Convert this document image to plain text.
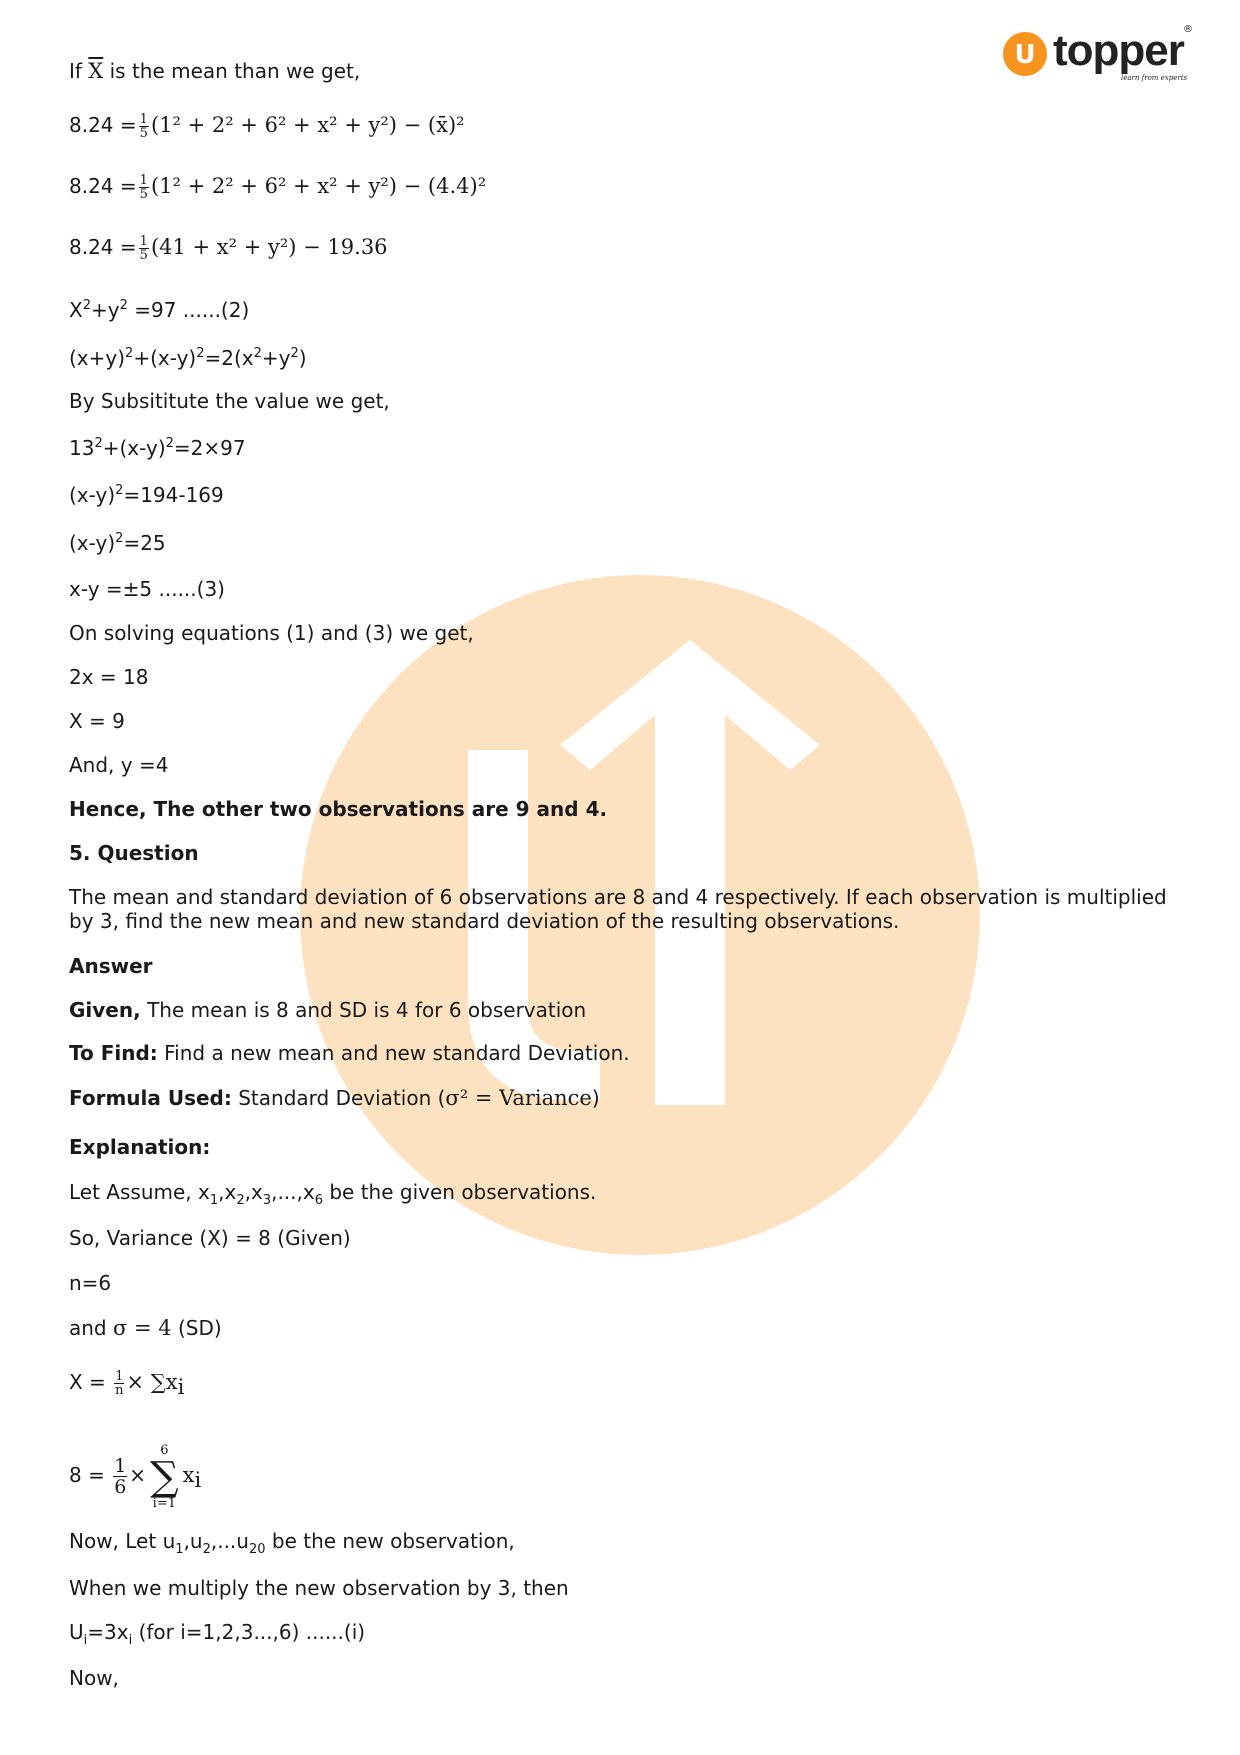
U topper ®
learn from experts
If $\overline{X}$ is the mean than we get,
$8.24 = \frac{1}{5} (1^2 + 2^2 + 6^2 + x^2 + y^2)$ − (x̄)²
$8.24 = \frac{1}{5} (1^2 + 2^2 + 6^2 + x^2 + y^2) - (4.4)^2$
$8.24 = \frac{1}{5} (41 + x^2 + y^2) - 19.36$
$X^2+y^2 =97$ ......(2)
$(x+y)^2+(x-y)^2=2(x^2+y^2)$
By Subsititute the value we get,
$13^2+(x-y)^2=2\times 97$
$(x-y)^2=194-169$
$(x-y)^2=25$
x-y =±5 ......(3)
On solving equations (1) and (3) we get,
2x = 18
X = 9
And, y =4
Hence, The other two observations are 9 and 4.
5. Question
The mean and standard deviation of 6 observations are 8 and 4 respectively. If each observation is multiplied by 3, find the new mean and new standard deviation of the resulting observations.
Answer
Given, The mean is 8 and SD is 4 for 6 observation
To Find: Find a new mean and new standard Deviation.
Formula Used: Standard Deviation (σ² = Variance)
Explanation:
Let Assume, $x_1,x_2,x_3,...,x_6$ be the given observations.
So, Variance (X) = 8 (Given)
n=6
and σ = 4 (SD)
$X = \frac{1}{n} \times \sum x_i$
$8 = \frac{1}{6}$ ×
6
∑
i=1
$x_i$
Now, Let $u_1,u_2,...u_{20}$ be the new observation,
When we multiply the new observation by 3, then
$U_i=3x_i$ (for i=1,2,3...,6) ......(i)
Now,
